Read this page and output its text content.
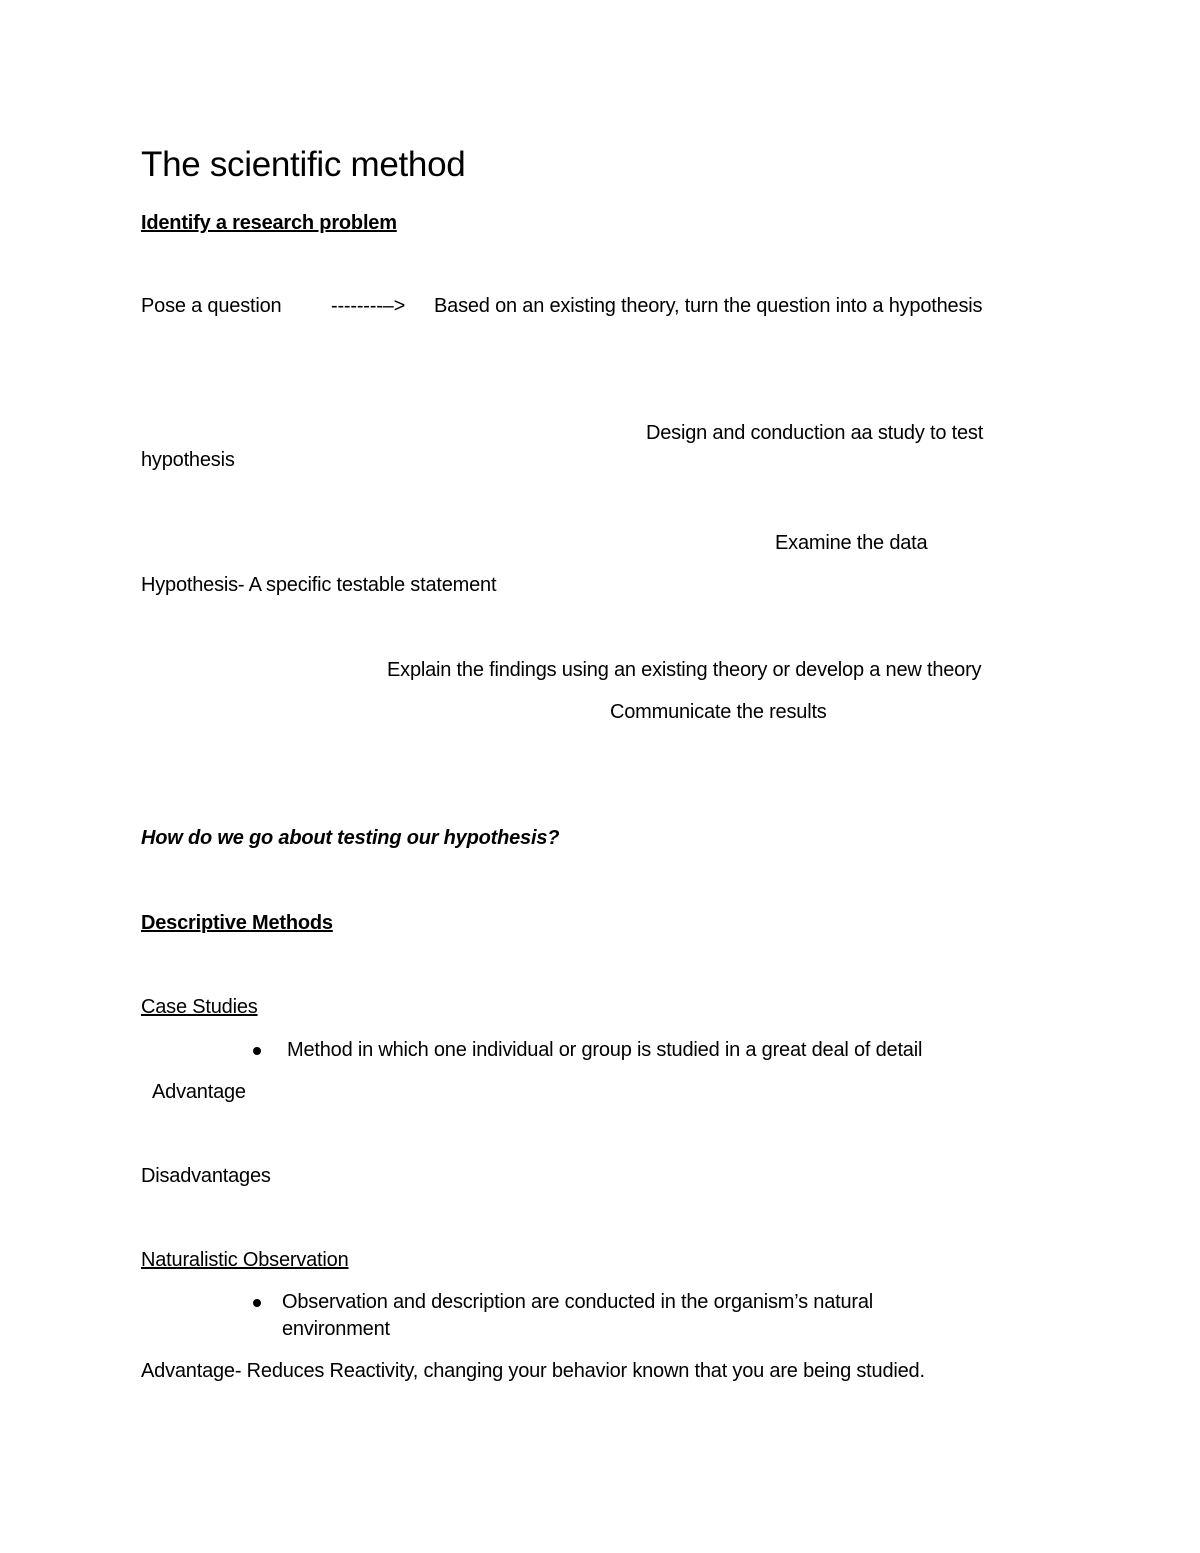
The scientific method
Identify a research problem
Pose a question --------–> Based on an existing theory, turn the question into a hypothesis
Design and conduction aa study to test
hypothesis
Examine the data
Hypothesis- A specific testable statement
Explain the findings using an existing theory or develop a new theory
Communicate the results
How do we go about testing our hypothesis?
Descriptive Methods
Case Studies
Method in which one individual or group is studied in a great deal of detail
Advantage
Disadvantages
Naturalistic Observation
Observation and description are conducted in the organism’s natural
environment
Advantage- Reduces Reactivity, changing your behavior known that you are being studied.
